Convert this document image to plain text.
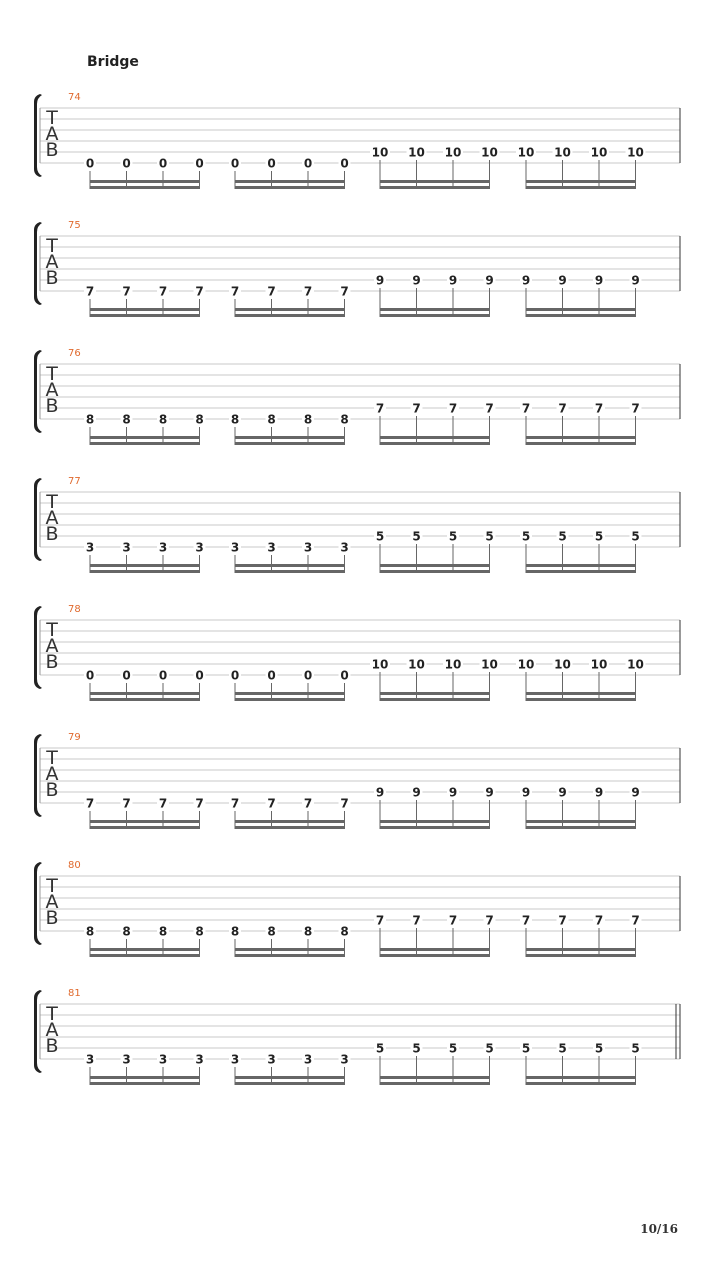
Bridge
74
0 0 0 0 0 0 0 0
10 10 10 10 10 10 10 10
T
A
B
75
7 7 7 7 7 7 7 7
9 9 9 9 9 9 9 9
T
A
B
76
8 8 8 8 8 8 8 8
7 7 7 7 7 7 7 7
T
A
B
77
3 3 3 3 3 3 3 3
5 5 5 5 5 5 5 5
T
A
B
78
0 0 0 0 0 0 0 0
10 10 10 10 10 10 10 10
T
A
B
79
7 7 7 7 7 7 7 7
9 9 9 9 9 9 9 9
T
A
B
80
8 8 8 8 8 8 8 8
7 7 7 7 7 7 7 7
T
A
B
81
3 3 3 3 3 3 3 3
5 5 5 5 5 5 5 5
T
A
B
10/16
